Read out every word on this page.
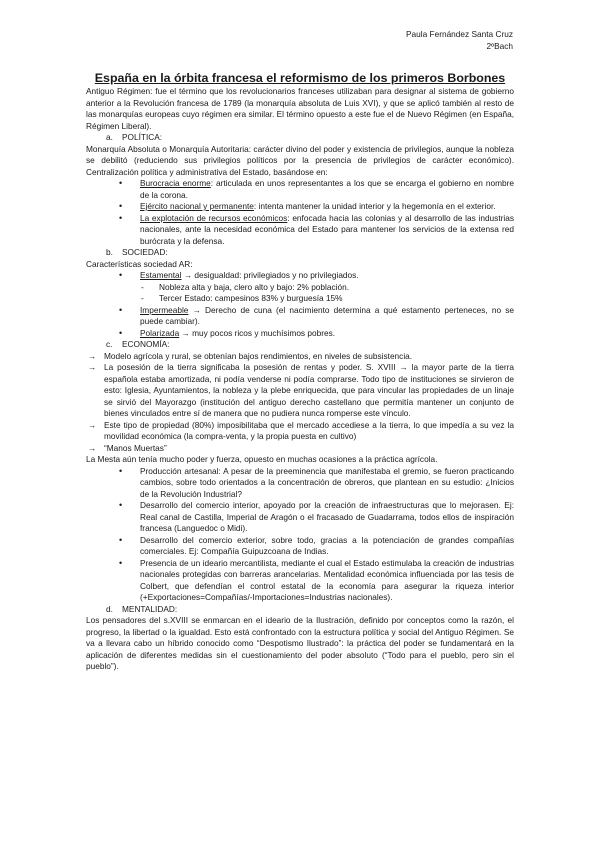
Paula Fernández Santa Cruz
2ºBach
España en la órbita francesa el reformismo de los primeros Borbones

Antiguo Régimen: fue el término que los revolucionarios franceses utilizaban para designar al sistema de gobierno anterior a la Revolución francesa de 1789 (la monarquía absoluta de Luis XVI), y que se aplicó también al resto de las monarquías europeas cuyo régimen era similar. El término opuesto a este fue el de Nuevo Régimen (en España, Régimen Liberal).

a. POLÍTICA:

Monarquía Absoluta o Monarquía Autoritaria: carácter divino del poder y existencia de privilegios, aunque la nobleza se debilitó (reduciendo sus privilegios políticos por la presencia de privilegios de carácter económico). Centralización política y administrativa del Estado, basándose en:

• Burocracia enorme: articulada en unos representantes a los que se encarga el gobierno en nombre de la corona.
• Ejército nacional y permanente: intenta mantener la unidad interior y la hegemonía en el exterior.
• La explotación de recursos económicos: enfocada hacia las colonias y al desarrollo de las industrias nacionales, ante la necesidad económica del Estado para mantener los servicios de la extensa red burócrata y la defensa.
b. SOCIEDAD:

Características sociedad AR:

• Estamental → desigualdad: privilegiados y no privilegiados.
- Nobleza alta y baja, clero alto y bajo: 2% población.
- Tercer Estado: campesinos 83% y burguesía 15%
• Impermeable → Derecho de cuna (el nacimiento determina a qué estamento perteneces, no se puede cambiar).
• Polarizada → muy pocos ricos y muchísimos pobres.
c. ECONOMÍA:
→ Modelo agrícola y rural, se obtenían bajos rendimientos, en niveles de subsistencia.
→ La posesión de la tierra significaba la posesión de rentas y poder. S. XVIII → la mayor parte de la tierra española estaba amortizada, ni podía venderse ni podía comprarse. Todo tipo de instituciones se sirvieron de esto: Iglesia, Ayuntamientos, la nobleza y la plebe enriquecida, que para vincular las propiedades de un linaje se sirvió del Mayorazgo (institución del antiguo derecho castellano que permitía mantener un conjunto de bienes vinculados entre sí de manera que no pudiera nunca romperse este vínculo.
→ Este tipo de propiedad (80%) imposibilitaba que el mercado accediese a la tierra, lo que impedía a su vez la movilidad económica (la compra-venta, y la propia puesta en cultivo)
→ “Manos Muertas”

La Mesta aún tenía mucho poder y fuerza, opuesto en muchas ocasiones a la práctica agrícola.

• Producción artesanal: A pesar de la preeminencia que manifestaba el gremio, se fueron practicando cambios, sobre todo orientados a la concentración de obreros, que plantean en su estudio: ¿Inicios de la Revolución Industrial?
• Desarrollo del comercio interior, apoyado por la creación de infraestructuras que lo mejorasen. Ej: Real canal de Castilla, Imperial de Aragón o el fracasado de Guadarrama, todos ellos de inspiración francesa (Languedoc o Midi).
• Desarrollo del comercio exterior, sobre todo, gracias a la potenciación de grandes compañías comerciales. Ej: Compañía Guipuzcoana de Indias.
• Presencia de un ideario mercantilista, mediante el cual el Estado estimulaba la creación de industrias nacionales protegidas con barreras arancelarias. Mentalidad económica influenciada por las tesis de Colbert, que defendían el control estatal de la economía para asegurar la riqueza interior (+Exportaciones=Compañías/-Importaciones=Industrias nacionales).
d. MENTALIDAD:

Los pensadores del s.XVIII se enmarcan en el ideario de la Ilustración, definido por conceptos como la razón, el progreso, la libertad o la igualdad. Esto está confrontado con la estructura política y social del Antiguo Régimen. Se va a llevara cabo un híbrido conocido como “Despotismo Ilustrado”: la práctica del poder se fundamentará en la aplicación de diferentes medidas sin el cuestionamiento del poder absoluto (“Todo para el pueblo, pero sin el pueblo”).
